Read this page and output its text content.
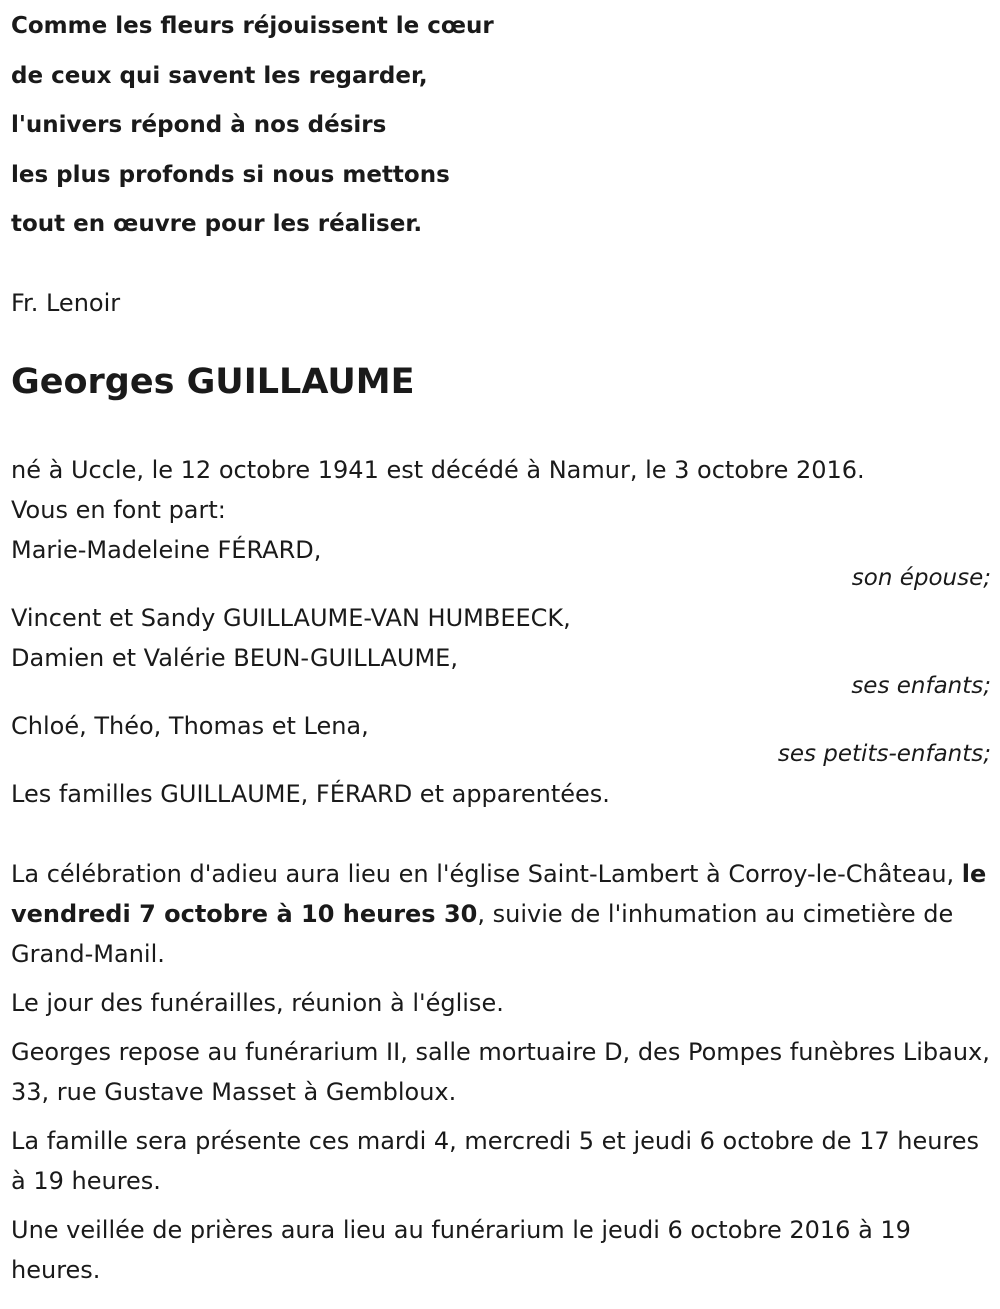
Comme les fleurs réjouissent le cœur
de ceux qui savent les regarder,
l'univers répond à nos désirs
les plus profonds si nous mettons
tout en œuvre pour les réaliser.
Fr. Lenoir
Georges GUILLAUME
né à Uccle, le 12 octobre 1941 est décédé à Namur, le 3 octobre 2016.
Vous en font part:
Marie-Madeleine FÉRARD,
son épouse;
Vincent et Sandy GUILLAUME-VAN HUMBEECK,
Damien et Valérie BEUN-GUILLAUME,
ses enfants;
Chloé, Théo, Thomas et Lena,
ses petits-enfants;
Les familles GUILLAUME, FÉRARD et apparentées.

La célébration d'adieu aura lieu en l'église Saint-Lambert à Corroy-le-Château, le vendredi 7 octobre à 10 heures 30, suivie de l'inhumation au cimetière de Grand-Manil.

Le jour des funérailles, réunion à l'église.

Georges repose au funérarium II, salle mortuaire D, des Pompes funèbres Libaux, 33, rue Gustave Masset à Gembloux.

La famille sera présente ces mardi 4, mercredi 5 et jeudi 6 octobre de 17 heures à 19 heures.

Une veillée de prières aura lieu au funérarium le jeudi 6 octobre 2016 à 19 heures.
